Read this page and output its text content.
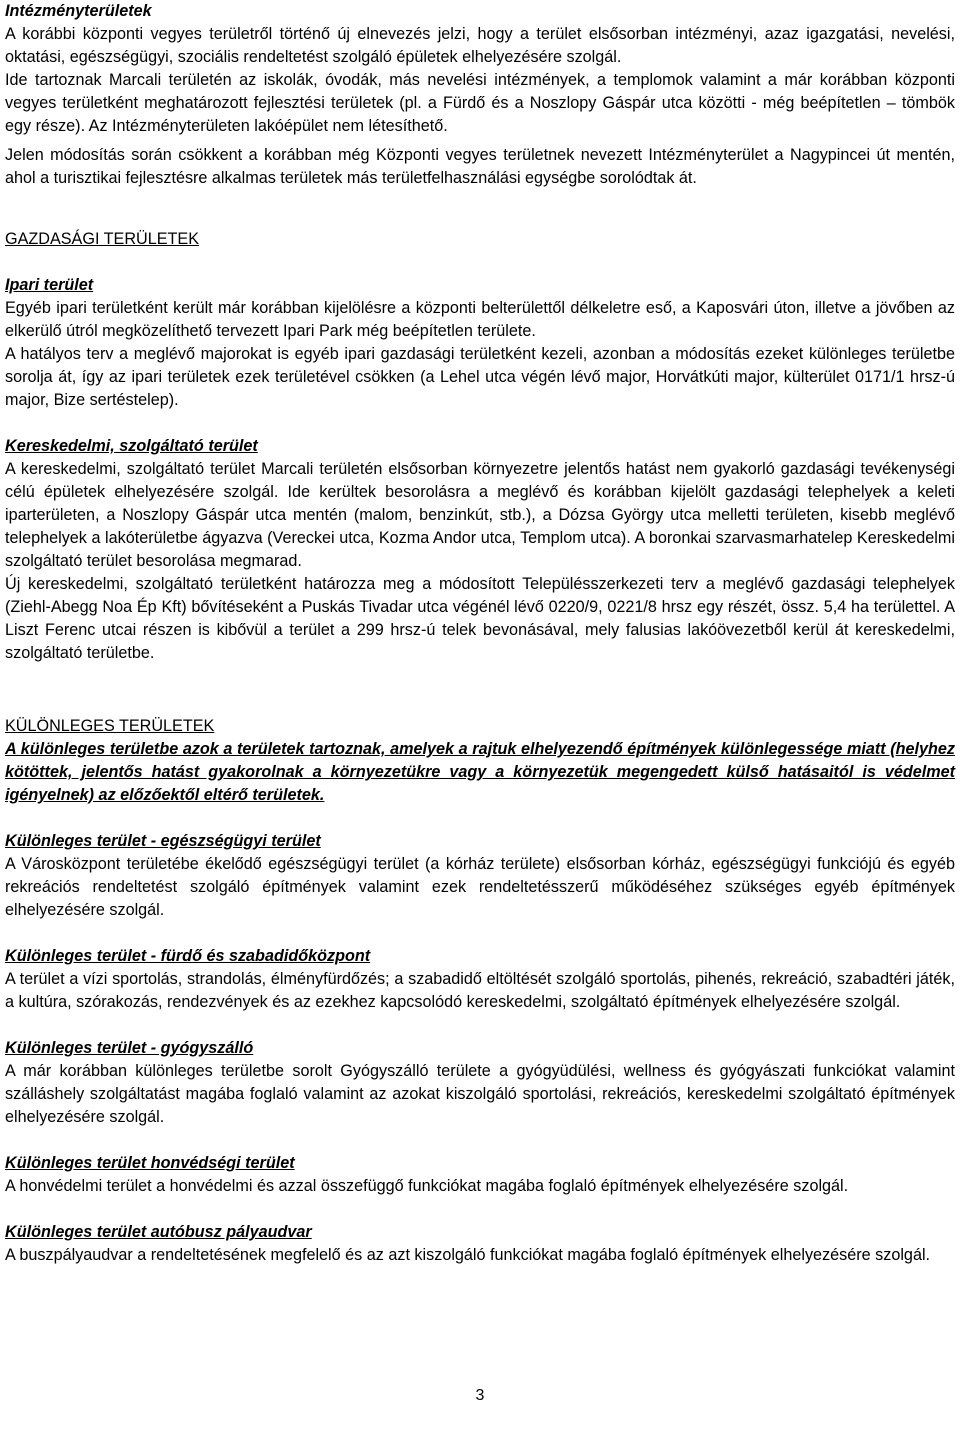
Intézményterületek

A korábbi központi vegyes területről történő új elnevezés jelzi, hogy a terület elsősorban intézményi, azaz igazgatási, nevelési, oktatási, egészségügyi, szociális rendeltetést szolgáló épületek elhelyezésére szolgál.

Ide tartoznak Marcali területén az iskolák, óvodák, más nevelési intézmények, a templomok valamint a már korábban központi vegyes területként meghatározott fejlesztési területek (pl. a Fürdő és a Noszlopy Gáspár utca közötti - még beépítetlen – tömbök egy része). Az Intézményterületen lakóépület nem létesíthető.

Jelen módosítás során csökkent a korábban még Központi vegyes területnek nevezett Intézményterület a Nagypincei út mentén, ahol a turisztikai fejlesztésre alkalmas területek más területfelhasználási egységbe sorolódtak át.

GAZDASÁGI TERÜLETEK

Ipari terület

Egyéb ipari területként került már korábban kijelölésre a központi belterülettől délkeletre eső, a Kaposvári úton, illetve a jövőben az elkerülő útról megközelíthető tervezett Ipari Park még beépítetlen területe.

A hatályos terv a meglévő majorokat is egyéb ipari gazdasági területként kezeli, azonban a módosítás ezeket különleges területbe sorolja át, így az ipari területek ezek területével csökken (a Lehel utca végén lévő major, Horvátkúti major, külterület 0171/1 hrsz-ú major, Bize sertéstelep).

Kereskedelmi, szolgáltató terület

A kereskedelmi, szolgáltató terület Marcali területén elsősorban környezetre jelentős hatást nem gyakorló gazdasági tevékenységi célú épületek elhelyezésére szolgál. Ide kerültek besorolásra a meglévő és korábban kijelölt gazdasági telephelyek a keleti iparterületen, a Noszlopy Gáspár utca mentén (malom, benzinkút, stb.), a Dózsa György utca melletti területen, kisebb meglévő telephelyek a lakóterületbe ágyazva (Vereckei utca, Kozma Andor utca, Templom utca). A boronkai szarvasmarhatelep Kereskedelmi szolgáltató terület besorolása megmarad.

Új kereskedelmi, szolgáltató területként határozza meg a módosított Településszerkezeti terv a meglévő gazdasági telephelyek (Ziehl-Abegg Noa Ép Kft) bővítéseként a Puskás Tivadar utca végénél lévő 0220/9, 0221/8 hrsz egy részét, össz. 5,4 ha területtel. A Liszt Ferenc utcai részen is kibővül a terület a 299 hrsz-ú telek bevonásával, mely falusias lakóövezetből kerül át kereskedelmi, szolgáltató területbe.

KÜLÖNLEGES TERÜLETEK

A különleges területbe azok a területek tartoznak, amelyek a rajtuk elhelyezendő építmények különlegessége miatt (helyhez kötöttek, jelentős hatást gyakorolnak a környezetükre vagy a környezetük megengedett külső hatásaitól is védelmet igényelnek) az előzőektől eltérő területek.

Különleges terület - egészségügyi terület

A Városközpont területébe ékelődő egészségügyi terület (a kórház területe) elsősorban kórház, egészségügyi funkciójú és egyéb rekreációs rendeltetést szolgáló építmények valamint ezek rendeltetésszerű működéséhez szükséges egyéb építmények elhelyezésére szolgál.

Különleges terület - fürdő és szabadidőközpont

A terület a vízi sportolás, strandolás, élményfürdőzés; a szabadidő eltöltését szolgáló sportolás, pihenés, rekreáció, szabadtéri játék, a kultúra, szórakozás, rendezvények és az ezekhez kapcsolódó kereskedelmi, szolgáltató építmények elhelyezésére szolgál.

Különleges terület - gyógyszálló

A már korábban különleges területbe sorolt Gyógyszálló területe a gyógyüdülési, wellness és gyógyászati funkciókat valamint szálláshely szolgáltatást magába foglaló valamint az azokat kiszolgáló sportolási, rekreációs, kereskedelmi szolgáltató építmények elhelyezésére szolgál.

Különleges terület honvédségi terület

A honvédelmi terület a honvédelmi és azzal összefüggő funkciókat magába foglaló építmények elhelyezésére szolgál.

Különleges terület autóbusz pályaudvar

A buszpályaudvar a rendeltetésének megfelelő és az azt kiszolgáló funkciókat magába foglaló építmények elhelyezésére szolgál.

3
